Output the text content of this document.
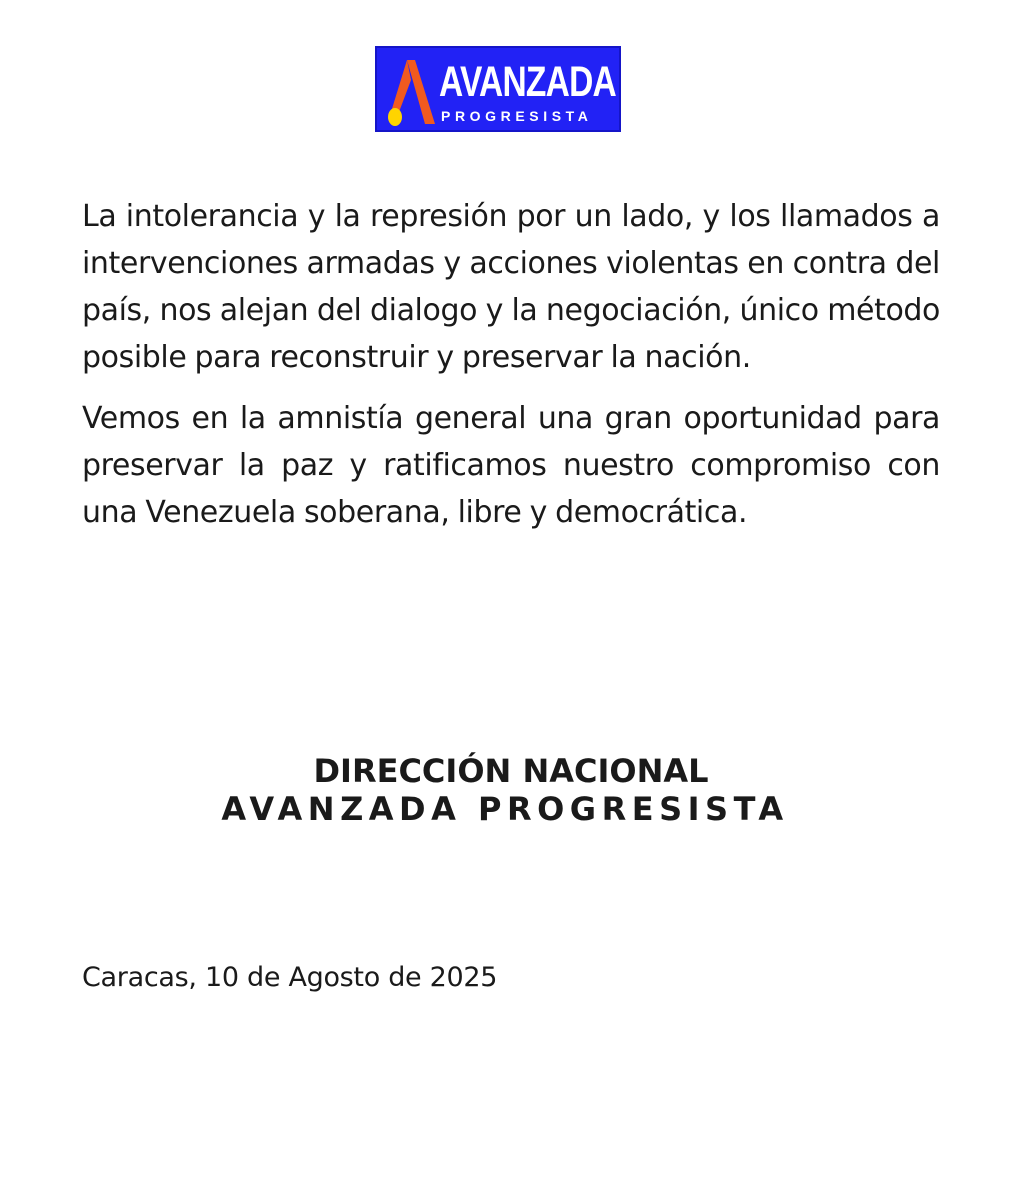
AVANZADA
PROGRESISTA

La intolerancia y la represión por un lado, y los llamados a intervenciones armadas y acciones violentas en contra del país, nos alejan del dialogo y la negociación, único método posible para reconstruir y preservar la nación.

Vemos en la amnistía general una gran oportunidad para preservar la paz y ratificamos nuestro compromiso con una Venezuela soberana, libre y democrática.

DIRECCIÓN NACIONAL
AVANZADA PROGRESISTA
Caracas, 10 de Agosto de 2025
